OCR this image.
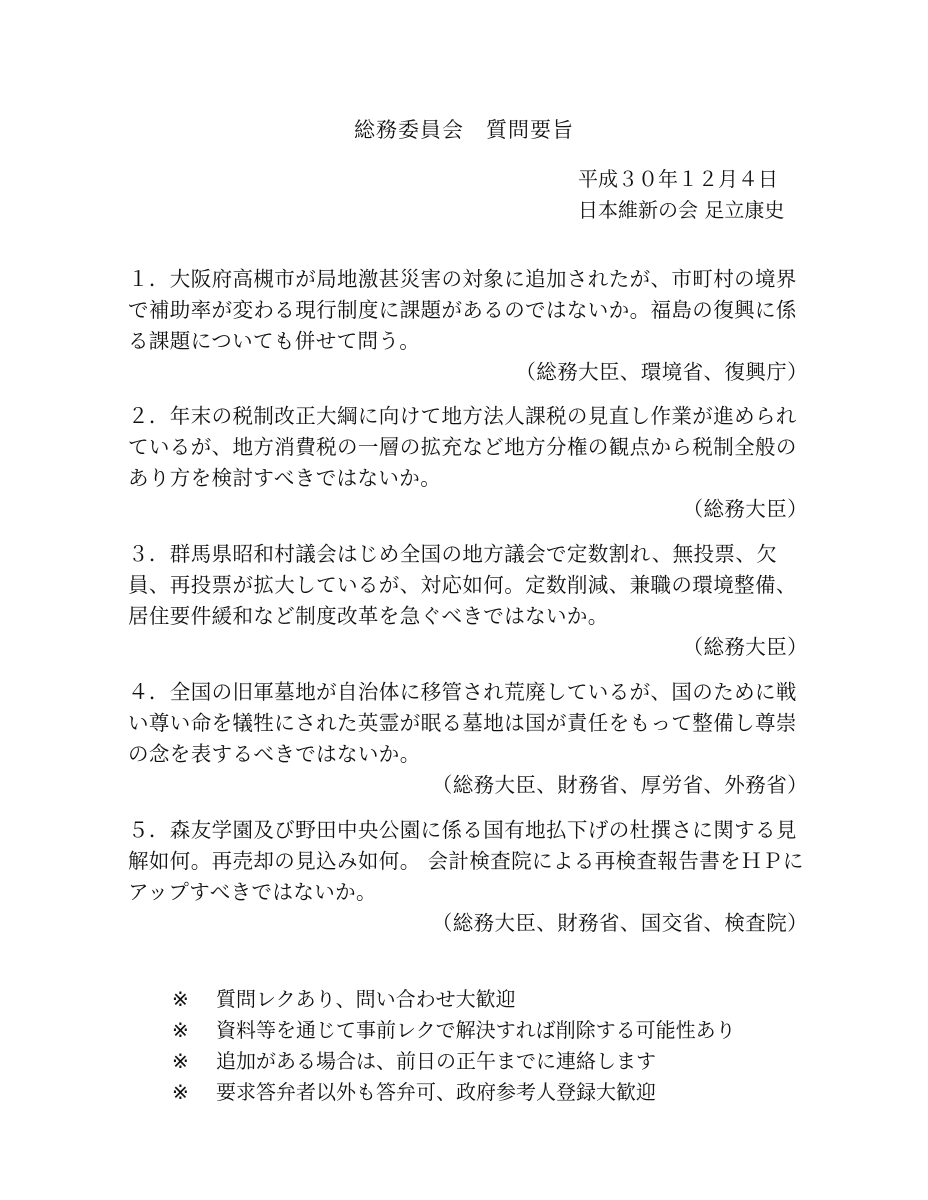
総務委員会　質問要旨
平成３０年１２月４日
日本維新の会 足立康史

１．大阪府高槻市が局地激甚災害の対象に追加されたが、市町村の境界で補助率が変わる現行制度に課題があるのではないか。福島の復興に係る課題についても併せて問う。

（総務大臣、環境省、復興庁）

２．年末の税制改正大綱に向けて地方法人課税の見直し作業が進められているが、地方消費税の一層の拡充など地方分権の観点から税制全般のあり方を検討すべきではないか。

（総務大臣）

３．群馬県昭和村議会はじめ全国の地方議会で定数割れ、無投票、欠員、再投票が拡大しているが、対応如何。定数削減、兼職の環境整備、居住要件緩和など制度改革を急ぐべきではないか。

（総務大臣）

４．全国の旧軍墓地が自治体に移管され荒廃しているが、国のために戦い尊い命を犠牲にされた英霊が眠る墓地は国が責任をもって整備し尊崇の念を表するべきではないか。

（総務大臣、財務省、厚労省、外務省）

５．森友学園及び野田中央公園に係る国有地払下げの杜撰さに関する見解如何。再売却の見込み如何。 会計検査院による再検査報告書をＨＰにアップすべきではないか。

（総務大臣、財務省、国交省、検査院）
※	質問レクあり、問い合わせ大歓迎
※	資料等を通じて事前レクで解決すれば削除する可能性あり
※	追加がある場合は、前日の正午までに連絡します
※	要求答弁者以外も答弁可、政府参考人登録大歓迎
